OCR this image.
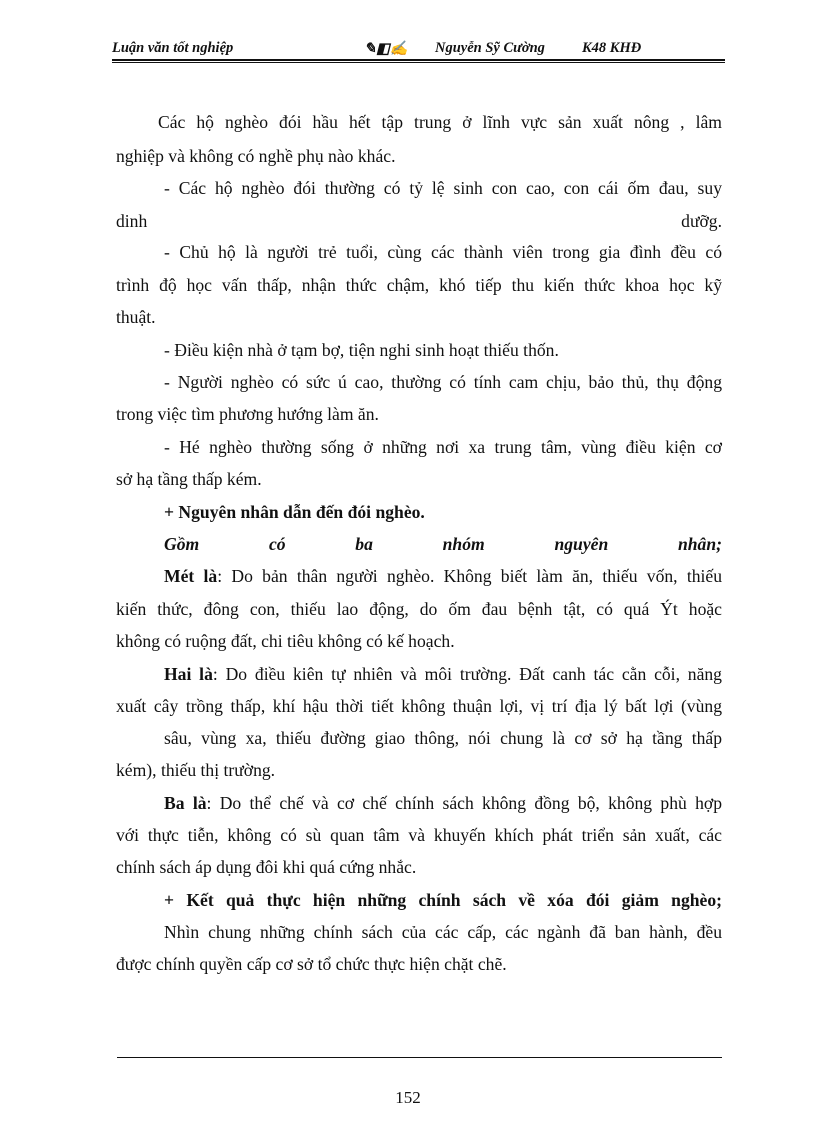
Luận văn tốt nghiệp	✎◧✍ Nguyễn Sỹ Cường	K48 KHĐ
Các hộ nghèo đói hầu hết tập trung ở lĩnh vực sản xuất nông , lâm
nghiệp và không có nghề phụ nào khác.
- Các hộ nghèo đói thường có tỷ lệ sinh con cao, con cái ốm đau, suy
dinh	dưỡg.
- Chủ hộ là người trẻ tuổi, cùng các thành viên trong gia đình đều có
trình độ học vấn thấp, nhận thức chậm, khó tiếp thu kiến thức khoa học kỹ
thuật.
- Điều kiện nhà ở tạm bợ, tiện nghi sinh hoạt thiếu thốn.
- Người nghèo có sức ú cao, thường có tính cam chịu, bảo thủ, thụ động
trong việc tìm phương hướng làm ăn.
- Hé nghèo thường sống ở những nơi xa trung tâm, vùng điều kiện cơ
sở hạ tầng thấp kém.
+ Nguyên nhân dẫn đến đói nghèo.
Gồm	có	ba	nhóm	nguyên	nhân;
Mét là: Do bản thân người nghèo. Không biết làm ăn, thiếu vốn, thiếu
kiến thức, đông con, thiếu lao động, do ốm đau bệnh tật, có quá Ýt hoặc
không có ruộng đất, chi tiêu không có kế hoạch.
Hai là: Do điều kiên tự nhiên và môi trường. Đất canh tác cằn cỗi, năng
xuất cây trồng thấp, khí hậu thời tiết không thuận lợi, vị trí địa lý bất lợi (vùng
sâu, vùng xa, thiếu đường giao thông, nói chung là cơ sở hạ tầng thấp
kém), thiếu thị trường.
Ba là: Do thể chế và cơ chế chính sách không đồng bộ, không phù hợp
với thực tiễn, không có sù quan tâm và khuyến khích phát triển sản xuất, các
chính sách áp dụng đôi khi quá cứng nhắc.
+ Kết quả thực hiện những chính sách về xóa đói giảm nghèo;
Nhìn chung những chính sách của các cấp, các ngành đã ban hành, đều
được chính quyền cấp cơ sở tổ chức thực hiện chặt chẽ.
152
